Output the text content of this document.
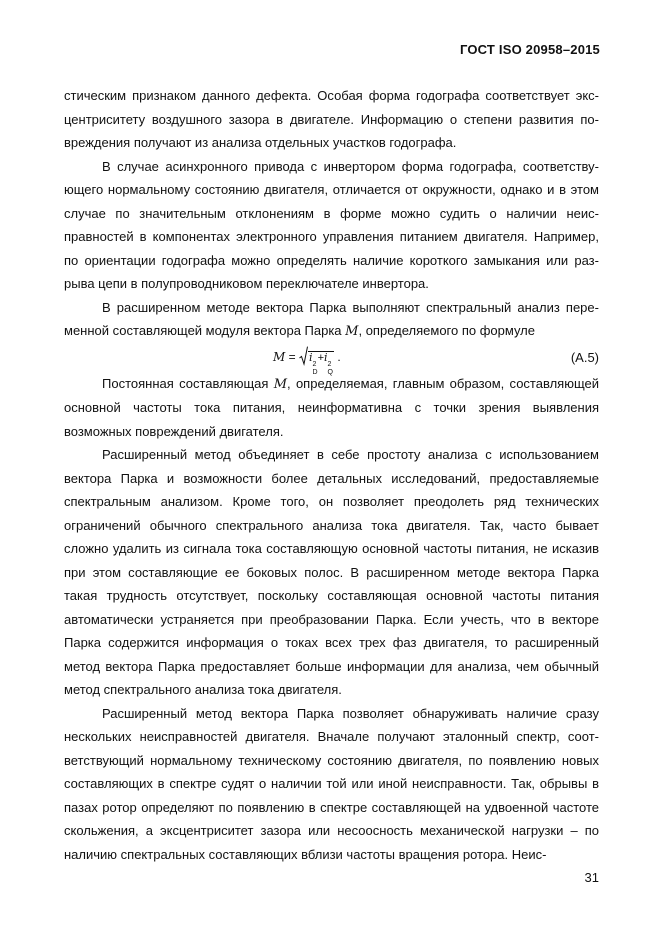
ГОСТ ISO 20958–2015

стическим признаком данного дефекта. Особая форма годографа соответствует эксцентриситету воздушного зазора в двигателе. Информацию о степени развития повреждения получают из анализа отдельных участков годографа.

В случае асинхронного привода с инвертором форма годографа, соответствующего нормальному состоянию двигателя, отличается от окружности, однако и в этом случае по значительным отклонениям в форме можно судить о наличии неисправностей в компонентах электронного управления питанием двигателя. Например, по ориентации годографа можно определять наличие короткого замыкания или разрыва цепи в полупроводниковом переключателе инвертора.

В расширенном методе вектора Парка выполняют спектральный анализ переменной составляющей модуля вектора Парка M, определяемого по формуле

M = i
2
D
+i
2
Q
.	(A.5)

Постоянная составляющая M, определяемая, главным образом, составляющей основной частоты тока питания, неинформативна с точки зрения выявления возможных повреждений двигателя.

Расширенный метод объединяет в себе простоту анализа с использованием вектора Парка и возможности более детальных исследований, предоставляемые спектральным анализом. Кроме того, он позволяет преодолеть ряд технических ограничений обычного спектрального анализа тока двигателя. Так, часто бывает сложно удалить из сигнала тока составляющую основной частоты питания, не исказив при этом составляющие ее боковых полос. В расширенном методе вектора Парка такая трудность отсутствует, поскольку составляющая основной частоты питания автоматически устраняется при преобразовании Парка. Если учесть, что в векторе Парка содержится информация о токах всех трех фаз двигателя, то расширенный метод вектора Парка предоставляет больше информации для анализа, чем обычный метод спектрального анализа тока двигателя.

Расширенный метод вектора Парка позволяет обнаруживать наличие сразу нескольких неисправностей двигателя. Вначале получают эталонный спектр, соответствующий нормальному техническому состоянию двигателя, по появлению новых составляющих в спектре судят о наличии той или иной неисправности. Так, обрывы в пазах ротор определяют по появлению в спектре составляющей на удвоенной частоте скольжения, а эксцентриситет зазора или несоосность механической нагрузки – по наличию спектральных составляющих вблизи частоты вращения ротора. Неис-

31
